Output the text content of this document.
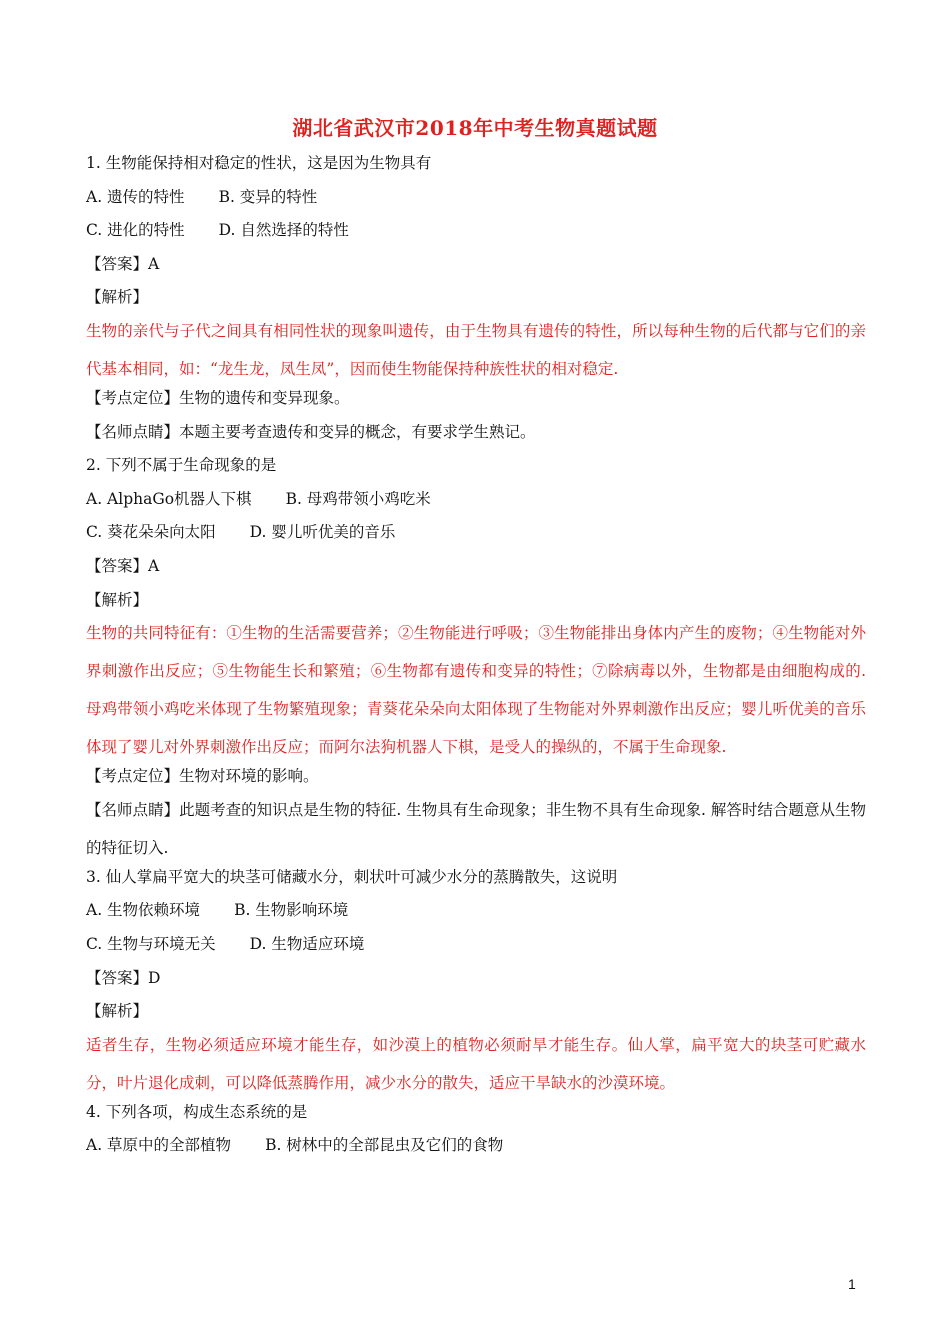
湖北省武汉市2018年中考生物真题试题
1. 生物能保持相对稳定的性状，这是因为生物具有
A. 遗传的特性 B. 变异的特性
C. 进化的特性 D. 自然选择的特性
【答案】A
【解析】
生物的亲代与子代之间具有相同性状的现象叫遗传，由于生物具有遗传的特性，所以每种生物的后代都与它们的亲代基本相同，如：“龙生龙，凤生凤”，因而使生物能保持种族性状的相对稳定.
【考点定位】生物的遗传和变异现象。
【名师点睛】本题主要考查遗传和变异的概念，有要求学生熟记。
2. 下列不属于生命现象的是
A. AlphaGo机器人下棋 B. 母鸡带领小鸡吃米
C. 葵花朵朵向太阳 D. 婴儿听优美的音乐
【答案】A
【解析】
生物的共同特征有：①生物的生活需要营养；②生物能进行呼吸；③生物能排出身体内产生的废物；④生物能对外界刺激作出反应；⑤生物能生长和繁殖；⑥生物都有遗传和变异的特性；⑦除病毒以外，生物都是由细胞构成的. 母鸡带领小鸡吃米体现了生物繁殖现象；青葵花朵朵向太阳体现了生物能对外界刺激作出反应；婴儿听优美的音乐体现了婴儿对外界刺激作出反应；而阿尔法狗机器人下棋，是受人的操纵的，不属于生命现象.
【考点定位】生物对环境的影响。
【名师点睛】此题考查的知识点是生物的特征. 生物具有生命现象；非生物不具有生命现象. 解答时结合题意从生物的特征切入.
3. 仙人掌扁平宽大的块茎可储藏水分，刺状叶可减少水分的蒸腾散失，这说明
A. 生物依赖环境 B. 生物影响环境
C. 生物与环境无关 D. 生物适应环境
【答案】D
【解析】
适者生存，生物必须适应环境才能生存，如沙漠上的植物必须耐旱才能生存。仙人掌，扁平宽大的块茎可贮藏水分，叶片退化成刺，可以降低蒸腾作用，减少水分的散失，适应干旱缺水的沙漠环境。
4. 下列各项，构成生态系统的是
A. 草原中的全部植物 B. 树林中的全部昆虫及它们的食物
1
